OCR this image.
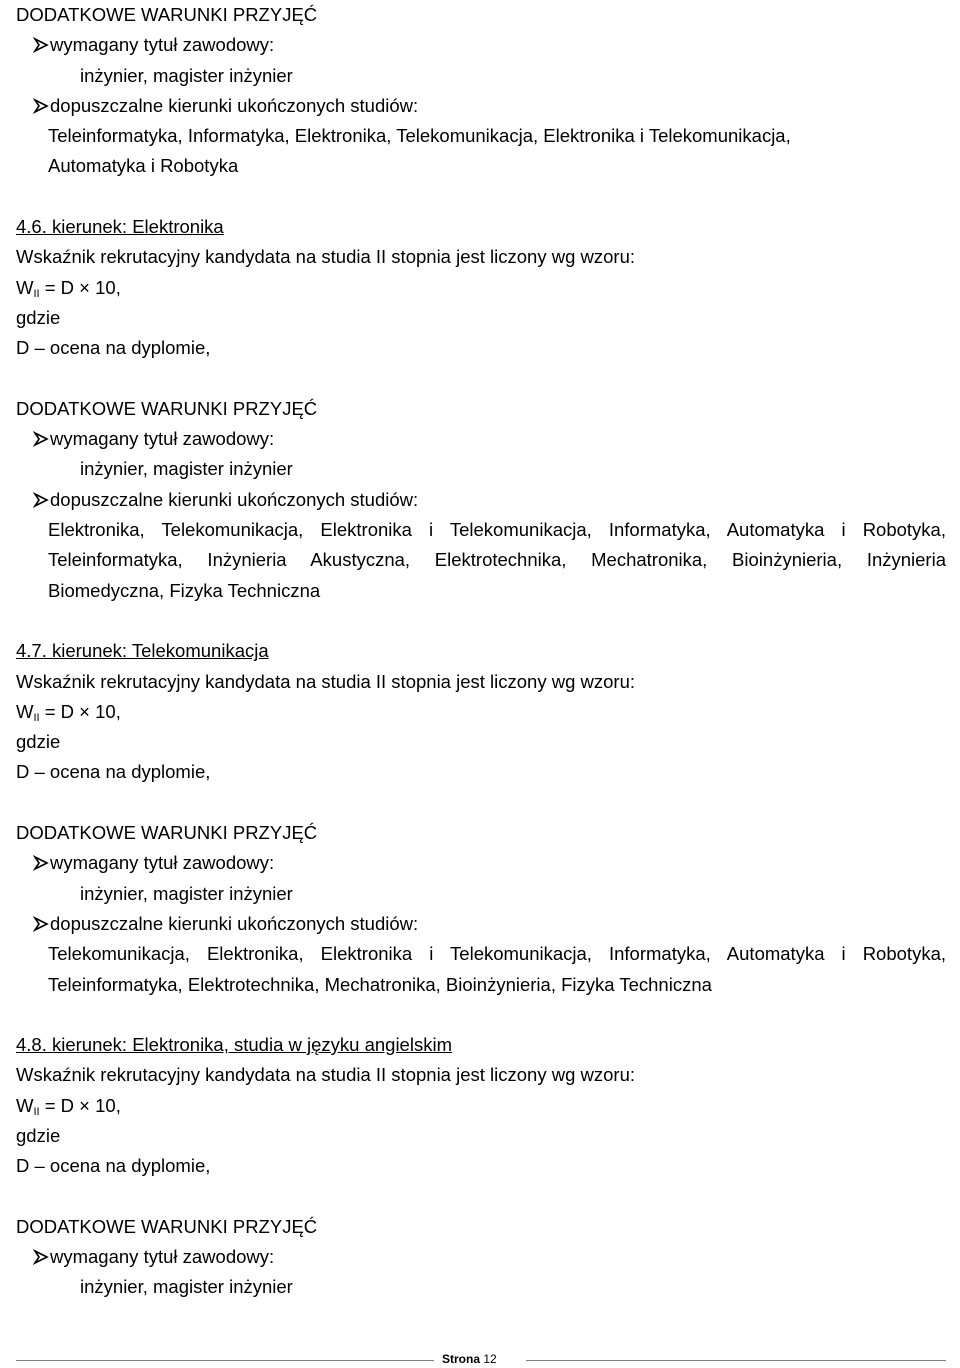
DODATKOWE WARUNKI PRZYJĘĆ
wymagany tytuł zawodowy:
inżynier, magister inżynier
dopuszczalne kierunki ukończonych studiów:
Teleinformatyka, Informatyka, Elektronika, Telekomunikacja, Elektronika i Telekomunikacja,
Automatyka i Robotyka
4.6. kierunek: Elektronika
Wskaźnik rekrutacyjny kandydata na studia II stopnia jest liczony wg wzoru:
$W_{II} = D \times 10$,
gdzie
D – ocena na dyplomie,
DODATKOWE WARUNKI PRZYJĘĆ
wymagany tytuł zawodowy:
inżynier, magister inżynier
dopuszczalne kierunki ukończonych studiów:
Elektronika, Telekomunikacja, Elektronika i Telekomunikacja, Informatyka, Automatyka i Robotyka,
Teleinformatyka, Inżynieria Akustyczna, Elektrotechnika, Mechatronika, Bioinżynieria, Inżynieria
Biomedyczna, Fizyka Techniczna
4.7. kierunek: Telekomunikacja
Wskaźnik rekrutacyjny kandydata na studia II stopnia jest liczony wg wzoru:
$W_{II} = D \times 10$,
gdzie
D – ocena na dyplomie,
DODATKOWE WARUNKI PRZYJĘĆ
wymagany tytuł zawodowy:
inżynier, magister inżynier
dopuszczalne kierunki ukończonych studiów:
Telekomunikacja, Elektronika, Elektronika i Telekomunikacja, Informatyka, Automatyka i Robotyka,
Teleinformatyka, Elektrotechnika, Mechatronika, Bioinżynieria, Fizyka Techniczna
4.8. kierunek: Elektronika, studia w języku angielskim
Wskaźnik rekrutacyjny kandydata na studia II stopnia jest liczony wg wzoru:
$W_{II} = D \times 10$,
gdzie
D – ocena na dyplomie,
DODATKOWE WARUNKI PRZYJĘĆ
wymagany tytuł zawodowy:
inżynier, magister inżynier
Strona 12
